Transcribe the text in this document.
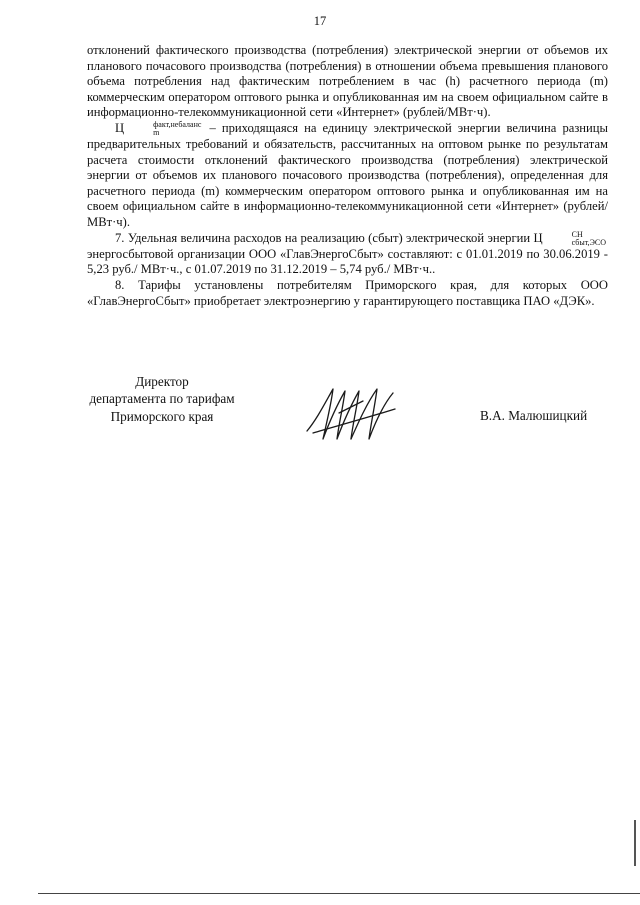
17

отклонений фактического производства (потребления) электрической энергии от объемов их планового почасового производства (потребления) в отношении объема превышения планового объема потребления над фактическим потреблением в час (h) расчетного периода (m) коммерческим оператором оптового рынка и опубликованная им на своем официальном сайте в информационно-телекоммуникационной сети «Интернет» (рублей/МВт·ч).

Ц	факт,небаланс
m	– приходящаяся на единицу электрической энергии величина разницы предварительных требований и обязательств, рассчитанных на оптовом рынке по результатам расчета стоимости отклонений фактического производства (потребления) электрической энергии от объемов их планового почасового производства (потребления), определенная для расчетного периода (m) коммерческим оператором оптового рынка и опубликованная им на своем официальном сайте в информационно-телекоммуникационной сети «Интернет» (рублей/МВт·ч).

7. Удельная величина расходов на реализацию (сбыт) электрической энергии Ц	СН
сбыт,ЭСО
энергосбытовой организации ООО «ГлавЭнергоСбыт» составляют: с 01.01.2019 по 30.06.2019 - 5,23 руб./ МВт·ч., с 01.07.2019 по 31.12.2019 – 5,74 руб./ МВт·ч..

8. Тарифы установлены потребителям Приморского края, для которых ООО «ГлавЭнергоСбыт» приобретает электроэнергию у гарантирующего поставщика ПАО «ДЭК».

Директор
департамента по тарифам
Приморского края	В.А. Малюшицкий
